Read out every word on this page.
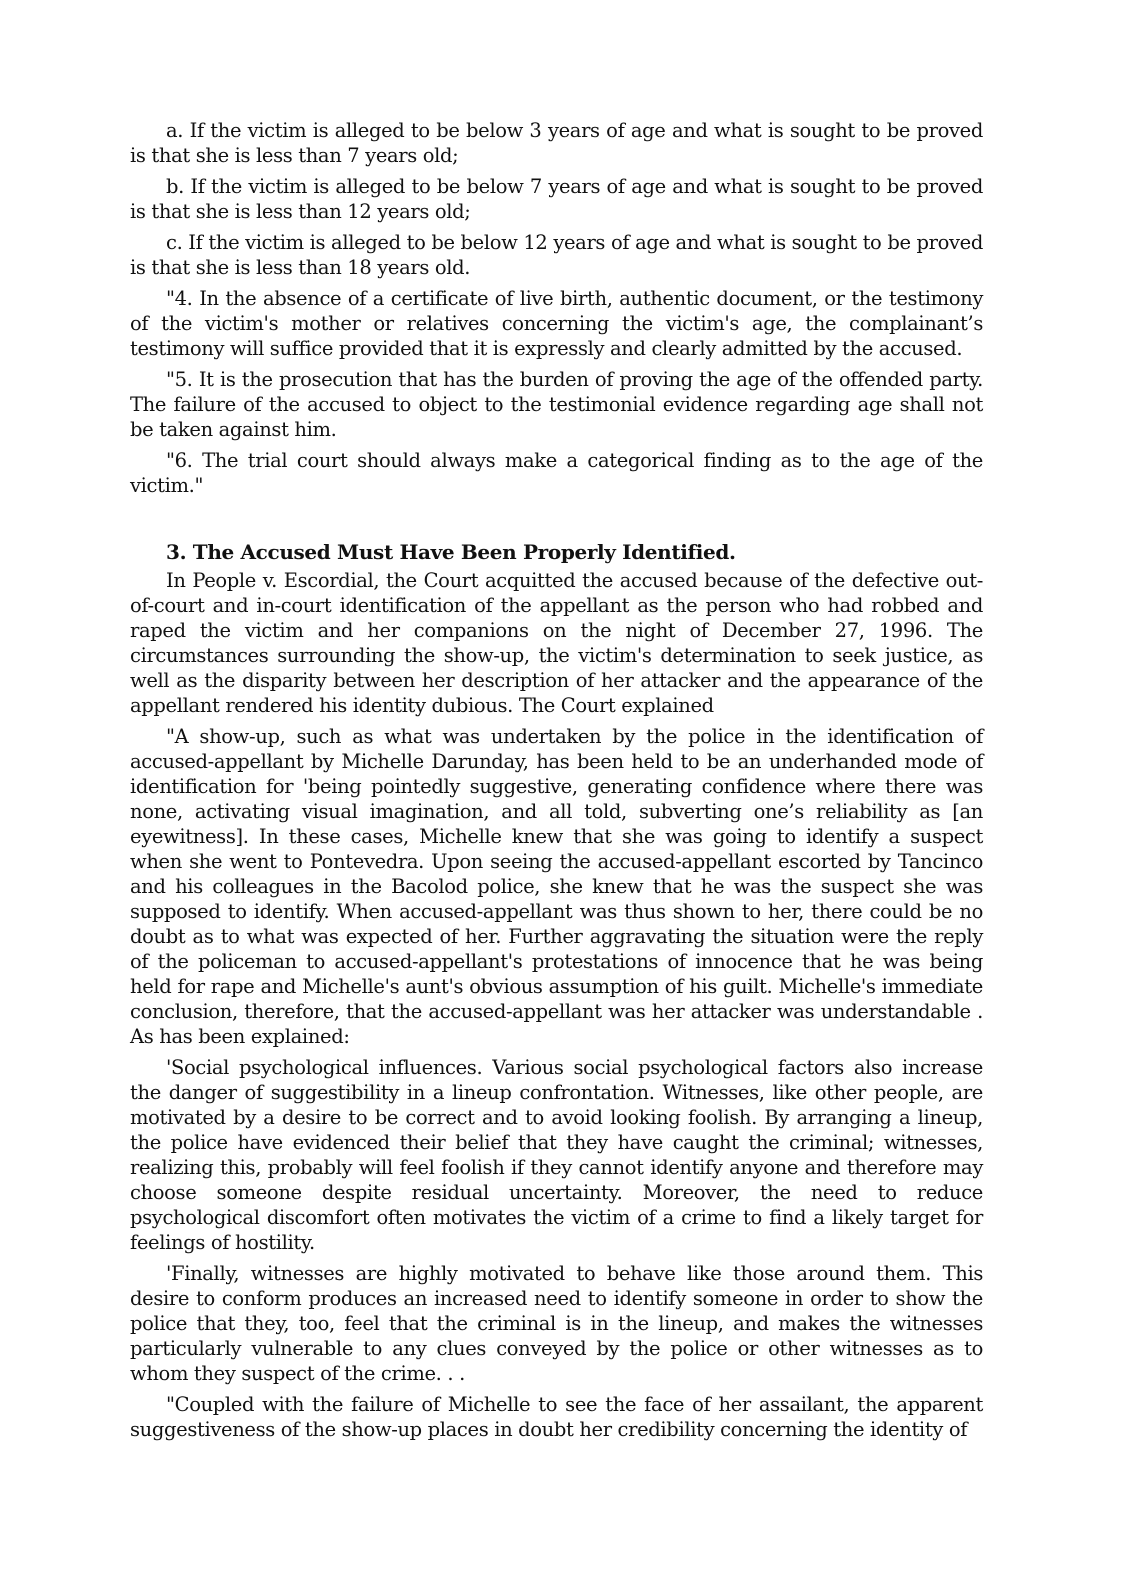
a. If the victim is alleged to be below 3 years of age and what is sought to be proved is that she is less than 7 years old;

b. If the victim is alleged to be below 7 years of age and what is sought to be proved is that she is less than 12 years old;

c. If the victim is alleged to be below 12 years of age and what is sought to be proved is that she is less than 18 years old.

"4. In the absence of a certificate of live birth, authentic document, or the testimony of the victim's mother or relatives concerning the victim's age, the complainant’s testimony will suffice provided that it is expressly and clearly admitted by the accused.

"5. It is the prosecution that has the burden of proving the age of the offended party. The failure of the accused to object to the testimonial evidence regarding age shall not be taken against him.

"6. The trial court should always make a categorical finding as to the age of the victim."

3. The Accused Must Have Been Properly Identified.

In People v. Escordial, the Court acquitted the accused because of the defective out-of-court and in-court identification of the appellant as the person who had robbed and raped the victim and her companions on the night of December 27, 1996. The circumstances surrounding the show-up, the victim's determination to seek justice, as well as the disparity between her description of her attacker and the appearance of the appellant rendered his identity dubious. The Court explained

"A show-up, such as what was undertaken by the police in the identification of accused-appellant by Michelle Darunday, has been held to be an underhanded mode of identification for 'being pointedly suggestive, generating confidence where there was none, activating visual imagination, and all told, subverting one’s reliability as [an eyewitness]. In these cases, Michelle knew that she was going to identify a suspect when she went to Pontevedra. Upon seeing the accused-appellant escorted by Tancinco and his colleagues in the Bacolod police, she knew that he was the suspect she was supposed to identify. When accused-appellant was thus shown to her, there could be no doubt as to what was expected of her. Further aggravating the situation were the reply of the policeman to accused-appellant's protestations of innocence that he was being held for rape and Michelle's aunt's obvious assumption of his guilt. Michelle's immediate conclusion, therefore, that the accused-appellant was her attacker was understandable . As has been explained:

'Social psychological influences. Various social psychological factors also increase the danger of suggestibility in a lineup confrontation. Witnesses, like other people, are motivated by a desire to be correct and to avoid looking foolish. By arranging a lineup, the police have evidenced their belief that they have caught the criminal; witnesses, realizing this, probably will feel foolish if they cannot identify anyone and therefore may choose someone despite residual uncertainty. Moreover, the need to reduce psychological discomfort often motivates the victim of a crime to find a likely target for feelings of hostility.

'Finally, witnesses are highly motivated to behave like those around them. This desire to conform produces an increased need to identify someone in order to show the police that they, too, feel that the criminal is in the lineup, and makes the witnesses particularly vulnerable to any clues conveyed by the police or other witnesses as to whom they suspect of the crime. . .

"Coupled with the failure of Michelle to see the face of her assailant, the apparent suggestiveness of the show-up places in doubt her credibility concerning the identity of
